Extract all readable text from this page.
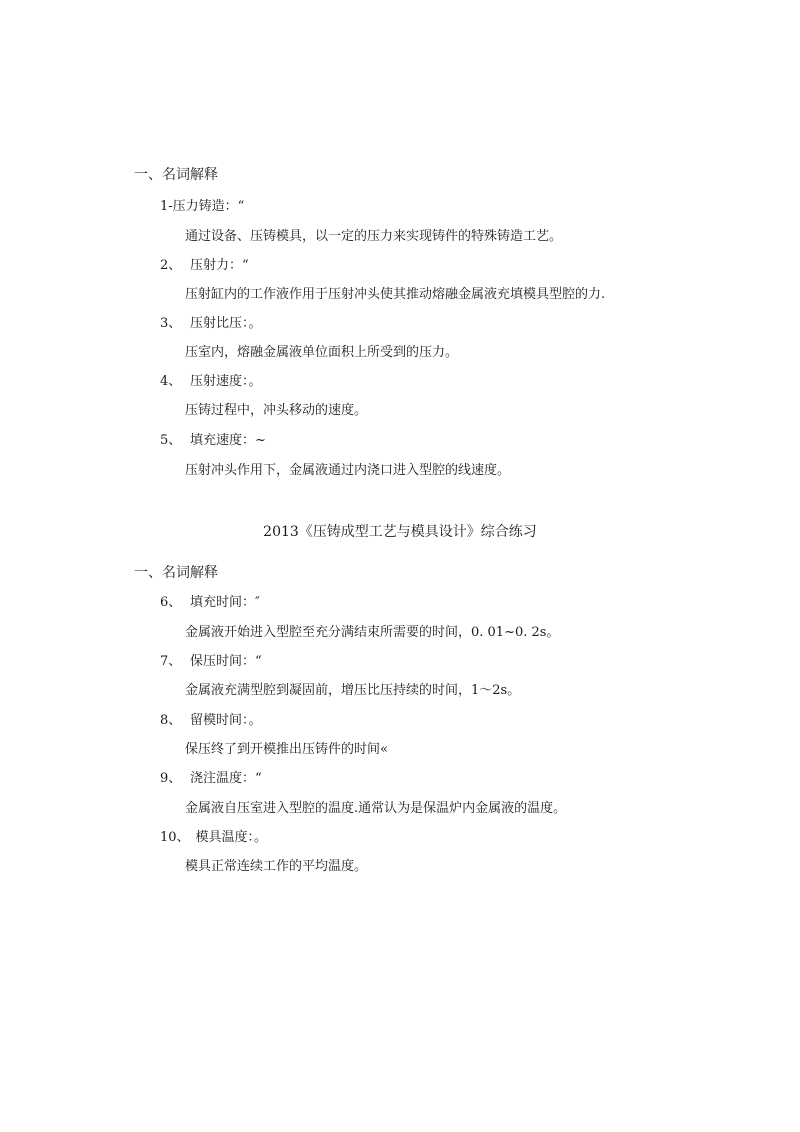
一、名词解释
1-压力铸造：“
通过设备、压铸模具，以一定的压力来实现铸件的特殊铸造工艺。
2、 压射力：“
压射缸内的工作液作用于压射冲头使其推动熔融金属液充填模具型腔的力.
3、 压射比压：。
压室内，熔融金属液单位面积上所受到的压力。
4、 压射速度：。
压铸过程中，冲头移动的速度。
5、 填充速度：~
压射冲头作用下，金属液通过内浇口进入型腔的线速度。
2013《压铸成型工艺与模具设计》综合练习
一、名词解释
6、 填充时间：″
金属液开始进入型腔至充分满结束所需要的时间，0. 01~0. 2s。
7、 保压时间：“
金属液充满型腔到凝固前，增压比压持续的时间，1～2s。
8、 留模时间：。
保压终了到开模推出压铸件的时间«
9、 浇注温度：“
金属液自压室进入型腔的温度.通常认为是保温炉内金属液的温度。
10、 模具温度：。
模具正常连续工作的平均温度。
